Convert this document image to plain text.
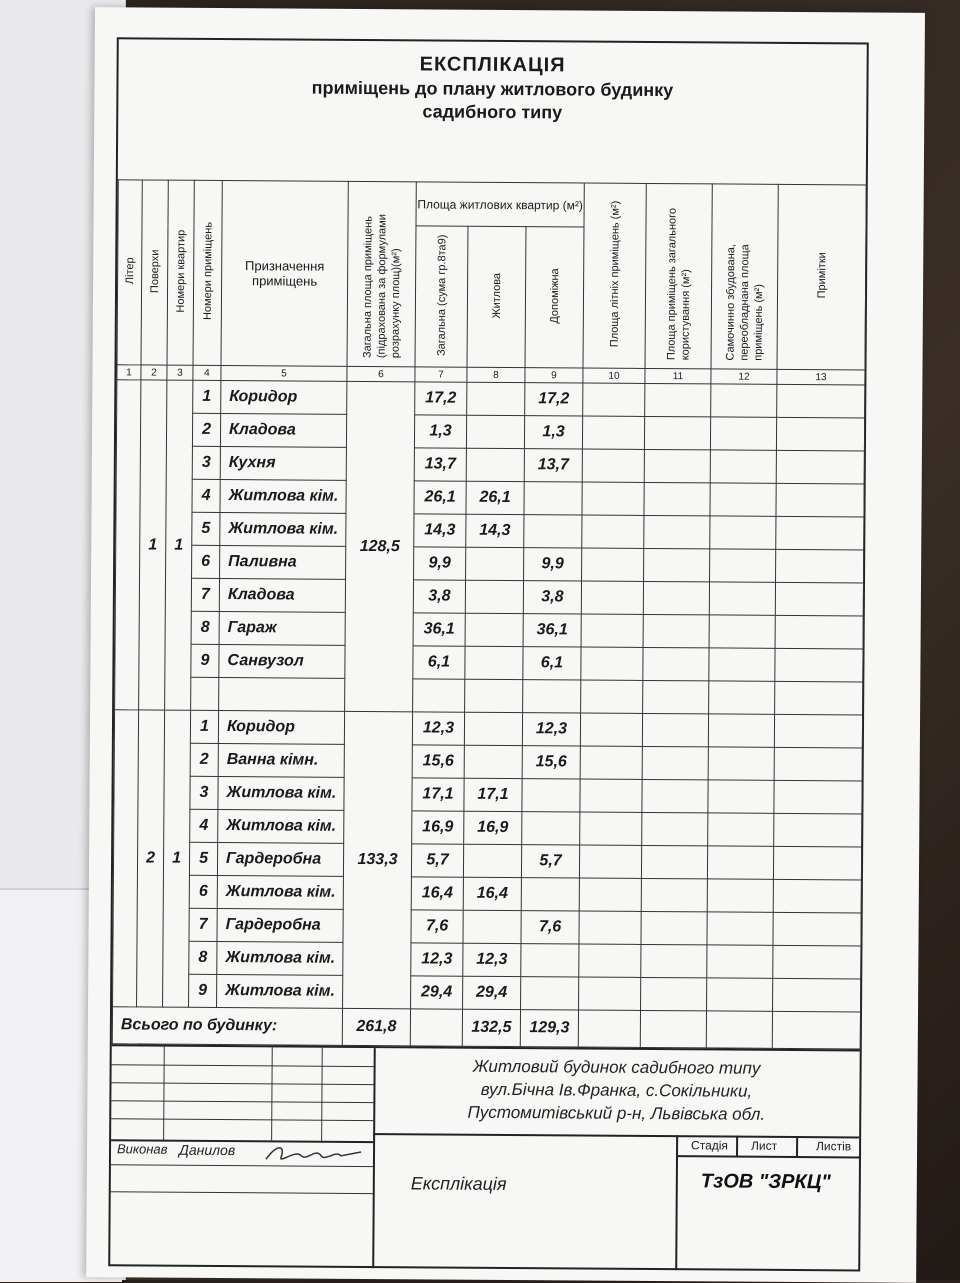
ЕКСПЛІКАЦІЯ
приміщень до плану житлового будинку
садибного типу
Літер	Поверхи	Номери квартир	Номери приміщень	Призначення приміщень	Загальна площа приміщень (підрахована за формулами розрахунку площ)(м²)	Площа житлових квартир (м²)			Площа літніх приміщень (м²)	Площа приміщень загального користування (м²)	Самочинно збудована, переобладнана площа приміщень (м²)	Примітки
						Загальна (сума гр.8та9)	Житлова	Допоміжна				
1	2	3	4	5	6	7	8	9	10	11	12	13
	1	1	1	Коридор	128,5	17,2		17,2				
			2	Кладова		1,3		1,3				
			3	Кухня		13,7		13,7				
			4	Житлова кім.		26,1	26,1					
			5	Житлова кім.		14,3	14,3					
			6	Паливна		9,9		9,9				
			7	Кладова		3,8		3,8				
			8	Гараж		36,1		36,1				
			9	Санвузол		6,1		6,1				

	2	1	1	Коридор	133,3	12,3		12,3				
			2	Ванна кімн.		15,6		15,6				
			3	Житлова кім.		17,1	17,1					
			4	Житлова кім.		16,9	16,9					
			5	Гардеробна		5,7		5,7				
			6	Житлова кім.		16,4	16,4					
			7	Гардеробна		7,6		7,6				
			8	Житлова кім.		12,3	12,3					
			9	Житлова кім.		29,4	29,4					
Всього по будинку:					261,8		132,5	129,3				
Виконав Данилов
Житловий будинок садибного типу
вул.Бічна Ів.Франка, с.Сокільники,
Пустомитівський р-н, Львівська обл.
Стадія Лист	Листів
Експлікація	ТзОВ "ЗРКЦ"
